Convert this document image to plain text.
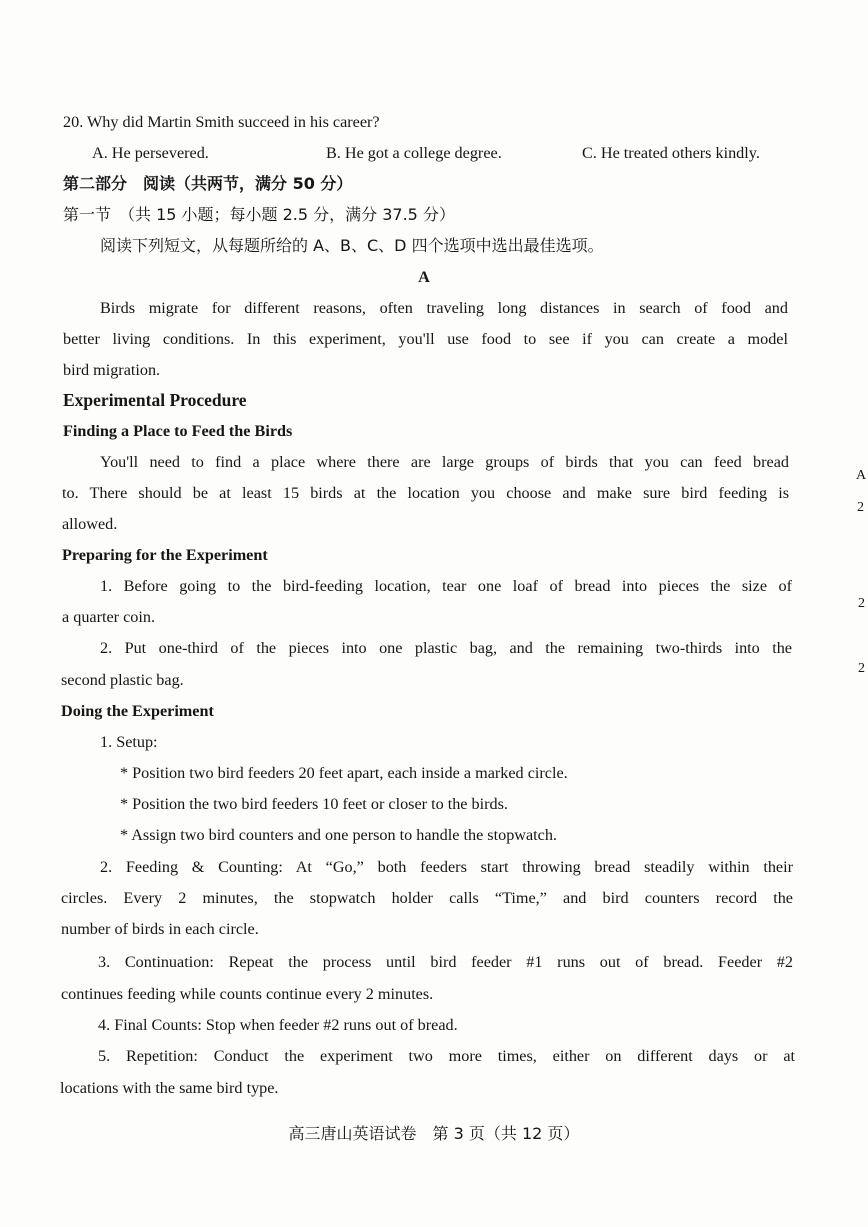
20. Why did Martin Smith succeed in his career?
A. He persevered.	B. He got a college degree.	C. He treated others kindly.
第二部分　阅读（共两节，满分 50 分）
第一节　（共 15 小题；每小题 2.5 分，满分 37.5 分）
阅读下列短文，从每题所给的 A、B、C、D 四个选项中选出最佳选项。
A
Birds migrate for different reasons, often traveling long distances in search of food and
better living conditions. In this experiment, you'll use food to see if you can create a model
bird migration.
Experimental Procedure
Finding a Place to Feed the Birds
You'll need to find a place where there are large groups of birds that you can feed bread
to. There should be at least 15 birds at the location you choose and make sure bird feeding is
allowed.
Preparing for the Experiment
1. Before going to the bird-feeding location, tear one loaf of bread into pieces the size of
a quarter coin.
2. Put one-third of the pieces into one plastic bag, and the remaining two-thirds into the
second plastic bag.
Doing the Experiment
1. Setup:
* Position two bird feeders 20 feet apart, each inside a marked circle.
* Position the two bird feeders 10 feet or closer to the birds.
* Assign two bird counters and one person to handle the stopwatch.
2. Feeding & Counting: At “Go,” both feeders start throwing bread steadily within their
circles. Every 2 minutes, the stopwatch holder calls “Time,” and bird counters record the
number of birds in each circle.
3. Continuation: Repeat the process until bird feeder #1 runs out of bread. Feeder #2
continues feeding while counts continue every 2 minutes.
4. Final Counts: Stop when feeder #2 runs out of bread.
5. Repetition: Conduct the experiment two more times, either on different days or at
locations with the same bird type.
A
2
2
2
高三唐山英语试卷　第 3 页（共 12 页）
